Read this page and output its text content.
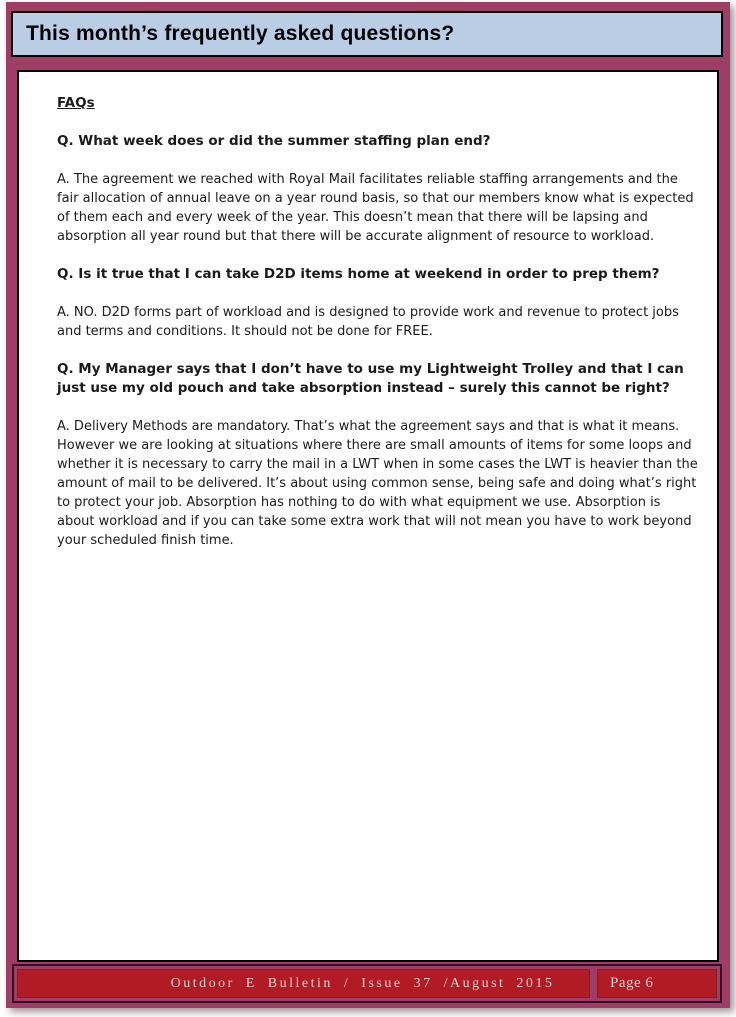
This month’s frequently asked questions?
FAQs
Q. What week does or did the summer staffing plan end?
A. The agreement we reached with Royal Mail facilitates reliable staffing arrangements and the fair allocation of annual leave on a year round basis, so that our members know what is expected of them each and every week of the year. This doesn’t mean that there will be lapsing and absorption all year round but that there will be accurate alignment of resource to workload.
Q. Is it true that I can take D2D items home at weekend in order to prep them?
A. NO. D2D forms part of workload and is designed to provide work and revenue to protect jobs and terms and conditions. It should not be done for FREE.
Q. My Manager says that I don’t have to use my Lightweight Trolley and that I can just use my old pouch and take absorption instead – surely this cannot be right?
A. Delivery Methods are mandatory. That’s what the agreement says and that is what it means. However we are looking at situations where there are small amounts of items for some loops and whether it is necessary to carry the mail in a LWT when in some cases the LWT is heavier than the amount of mail to be delivered. It’s about using common sense, being safe and doing what’s right to protect your job. Absorption has nothing to do with what equipment we use. Absorption is about workload and if you can take some extra work that will not mean you have to work beyond your scheduled finish time.
Outdoor E Bulletin / Issue 37 /August 2015	Page 6
